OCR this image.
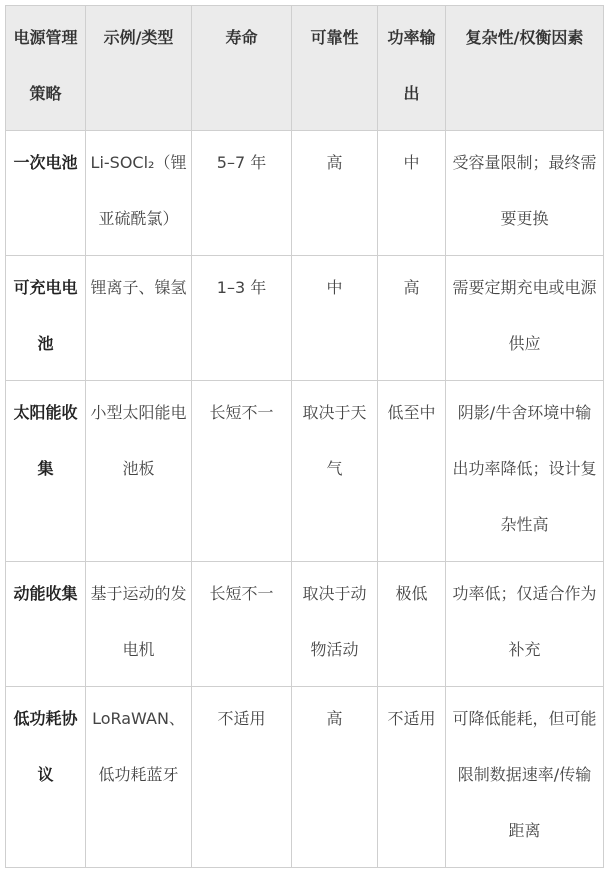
电源管理策略	示例/类型	寿命	可靠性	功率输出	复杂性/权衡因素
一次电池	Li-SOCl₂（锂亚硫酰氯）	5–7 年	高	中	受容量限制；最终需要更换
可充电电池	锂离子、镍氢	1–3 年	中	高	需要定期充电或电源供应
太阳能收集	小型太阳能电池板	长短不一	取决于天气	低至中	阴影/牛舍环境中输出功率降低；设计复杂性高
动能收集	基于运动的发电机	长短不一	取决于动物活动	极低	功率低；仅适合作为补充
低功耗协议	LoRaWAN、低功耗蓝牙	不适用	高	不适用	可降低能耗，但可能限制数据速率/传输距离
